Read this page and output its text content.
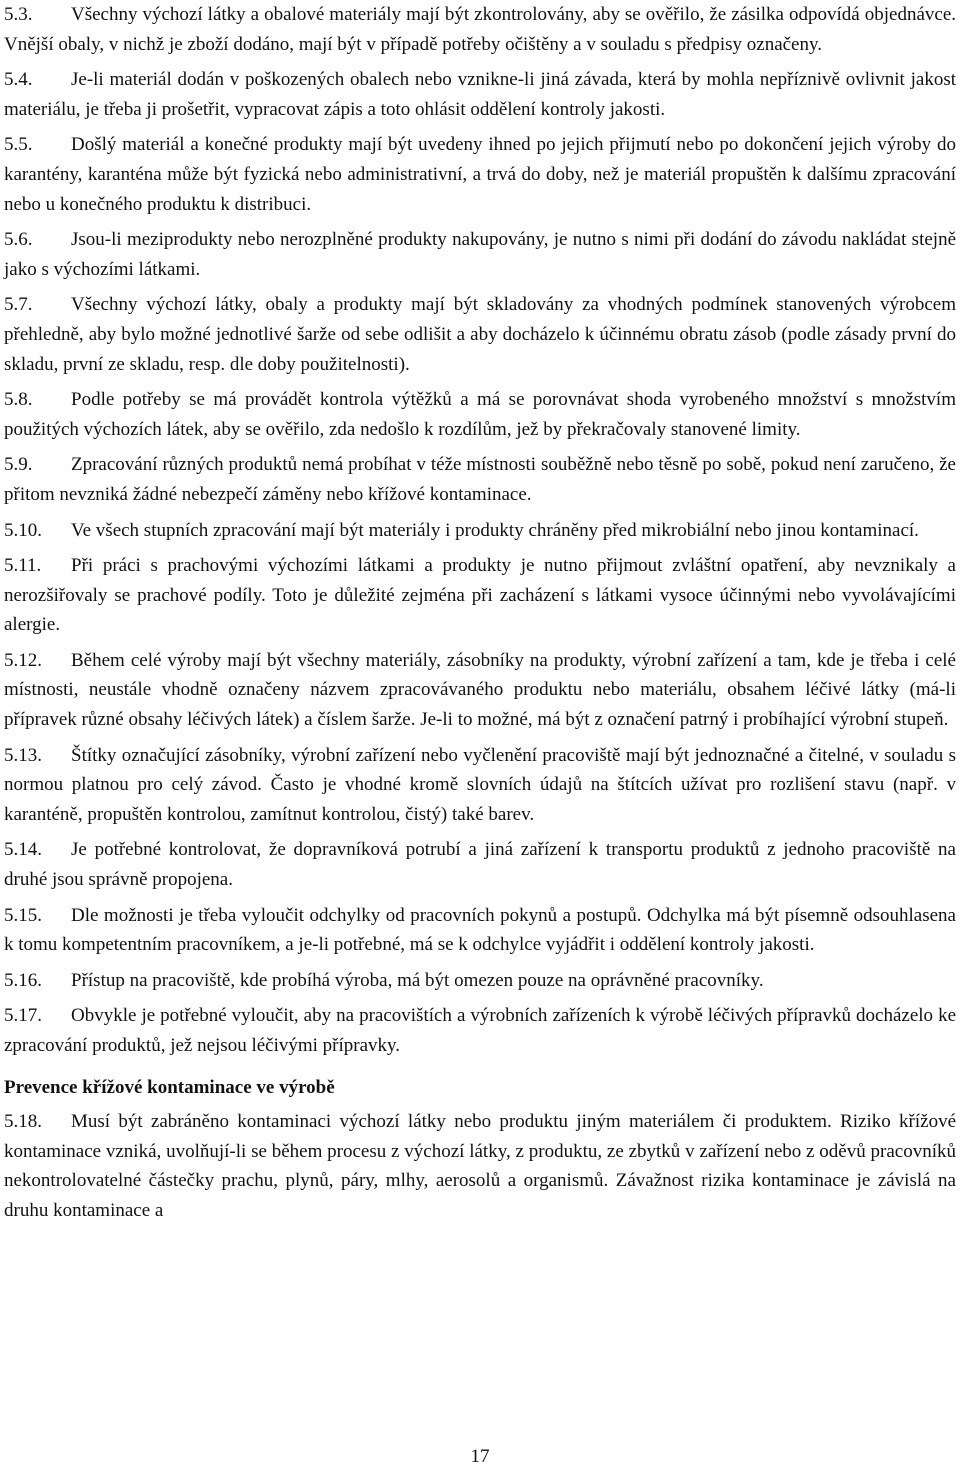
5.3. Všechny výchozí látky a obalové materiály mají být zkontrolovány, aby se ověřilo, že zásilka odpovídá objednávce. Vnější obaly, v nichž je zboží dodáno, mají být v případě potřeby očištěny a v souladu s předpisy označeny.

5.4. Je-li materiál dodán v poškozených obalech nebo vznikne-li jiná závada, která by mohla nepříznivě ovlivnit jakost materiálu, je třeba ji prošetřit, vypracovat zápis a toto ohlásit oddělení kontroly jakosti.

5.5. Došlý materiál a konečné produkty mají být uvedeny ihned po jejich přijmutí nebo po dokončení jejich výroby do karantény, karanténa může být fyzická nebo administrativní, a trvá do doby, než je materiál propuštěn k dalšímu zpracování nebo u konečného produktu k distribuci.

5.6. Jsou-li meziprodukty nebo nerozplněné produkty nakupovány, je nutno s nimi při dodání do závodu nakládat stejně jako s výchozími látkami.

5.7. Všechny výchozí látky, obaly a produkty mají být skladovány za vhodných podmínek stanovených výrobcem přehledně, aby bylo možné jednotlivé šarže od sebe odlišit a aby docházelo k účinnému obratu zásob (podle zásady první do skladu, první ze skladu, resp. dle doby použitelnosti).

5.8. Podle potřeby se má provádět kontrola výtěžků a má se porovnávat shoda vyrobeného množství s množstvím použitých výchozích látek, aby se ověřilo, zda nedošlo k rozdílům, jež by překračovaly stanovené limity.

5.9. Zpracování různých produktů nemá probíhat v téže místnosti souběžně nebo těsně po sobě, pokud není zaručeno, že přitom nevzniká žádné nebezpečí záměny nebo křížové kontaminace.

5.10. Ve všech stupních zpracování mají být materiály i produkty chráněny před mikrobiální nebo jinou kontaminací.

5.11. Při práci s prachovými výchozími látkami a produkty je nutno přijmout zvláštní opatření, aby nevznikaly a nerozšiřovaly se prachové podíly. Toto je důležité zejména při zacházení s látkami vysoce účinnými nebo vyvolávajícími alergie.

5.12. Během celé výroby mají být všechny materiály, zásobníky na produkty, výrobní zařízení a tam, kde je třeba i celé místnosti, neustále vhodně označeny názvem zpracovávaného produktu nebo materiálu, obsahem léčivé látky (má-li přípravek různé obsahy léčivých látek) a číslem šarže. Je-li to možné, má být z označení patrný i probíhající výrobní stupeň.

5.13. Štítky označující zásobníky, výrobní zařízení nebo vyčlenění pracoviště mají být jednoznačné a čitelné, v souladu s normou platnou pro celý závod. Často je vhodné kromě slovních údajů na štítcích užívat pro rozlišení stavu (např. v karanténě, propuštěn kontrolou, zamítnut kontrolou, čistý) také barev.

5.14. Je potřebné kontrolovat, že dopravníková potrubí a jiná zařízení k transportu produktů z jednoho pracoviště na druhé jsou správně propojena.

5.15. Dle možnosti je třeba vyloučit odchylky od pracovních pokynů a postupů. Odchylka má být písemně odsouhlasena k tomu kompetentním pracovníkem, a je-li potřebné, má se k odchylce vyjádřit i oddělení kontroly jakosti.

5.16. Přístup na pracoviště, kde probíhá výroba, má být omezen pouze na oprávněné pracovníky.

5.17. Obvykle je potřebné vyloučit, aby na pracovištích a výrobních zařízeních k výrobě léčivých přípravků docházelo ke zpracování produktů, jež nejsou léčivými přípravky.

Prevence křížové kontaminace ve výrobě

5.18. Musí být zabráněno kontaminaci výchozí látky nebo produktu jiným materiálem či produktem. Riziko křížové kontaminace vzniká, uvolňují-li se během procesu z výchozí látky, z produktu, ze zbytků v zařízení nebo z oděvů pracovníků nekontrolovatelné částečky prachu, plynů, páry, mlhy, aerosolů a organismů. Závažnost rizika kontaminace je závislá na druhu kontaminace a

17
